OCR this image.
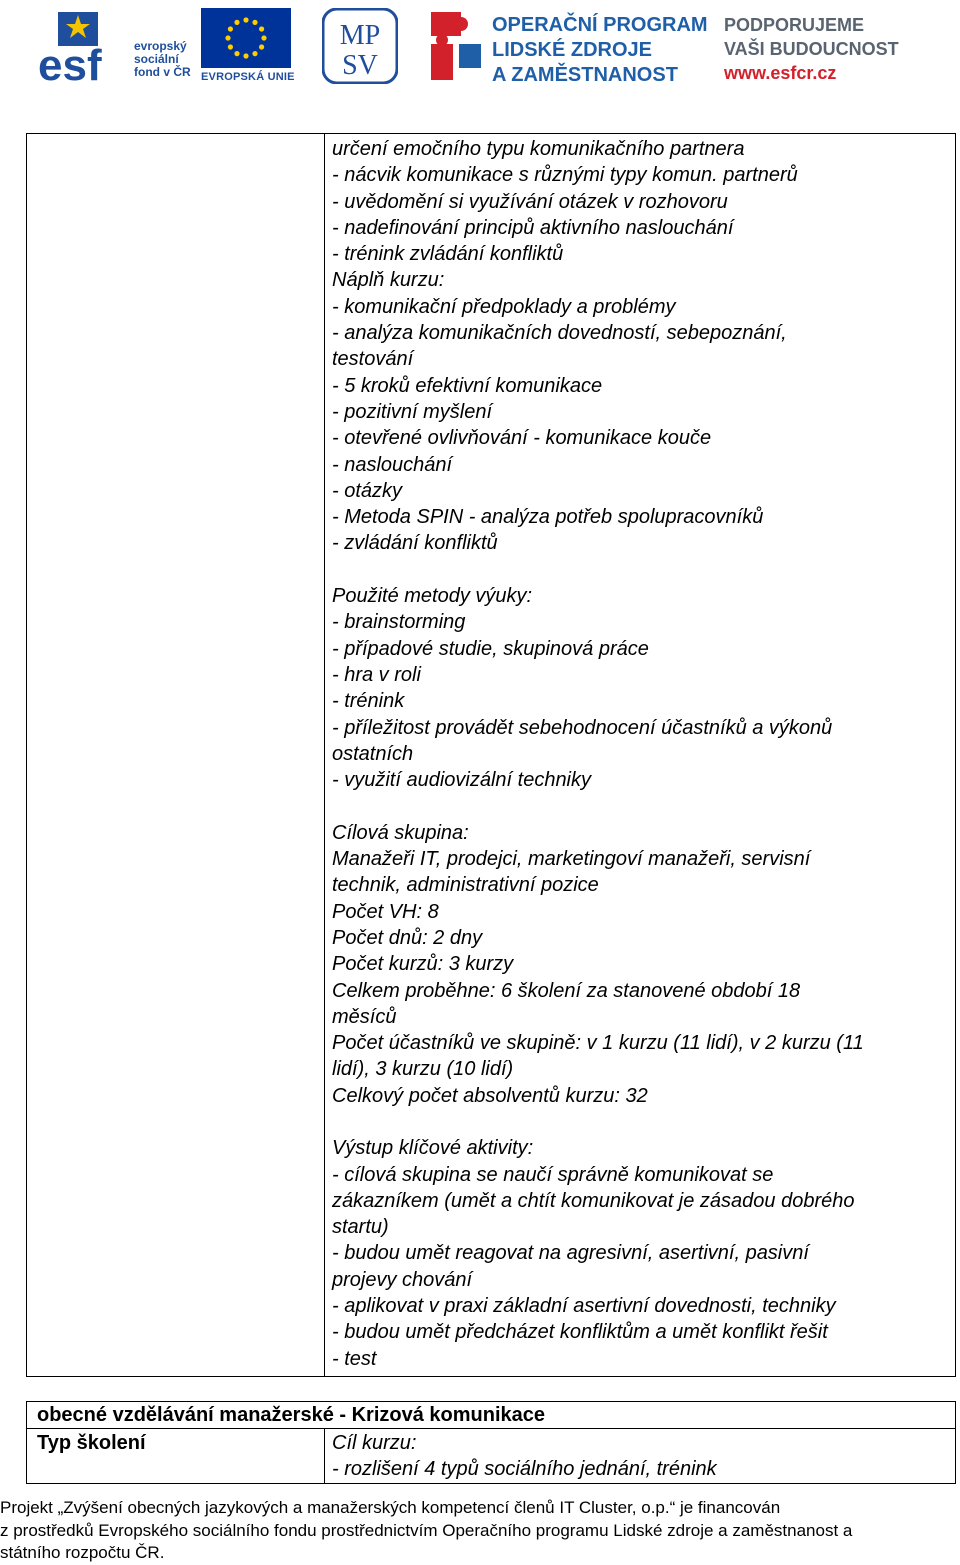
esf	evropský
sociální
fond v ČR EVROPSKÁ UNIE
MP
SV
OPERAČNÍ PROGRAM
LIDSKÉ ZDROJE
A ZAMĚSTNANOST
PODPORUJEME
VAŠI BUDOUCNOST
www.esfcr.cz
určení emočního typu komunikačního partnera
- nácvik komunikace s různými typy komun. partnerů
- uvědomění si využívání otázek v rozhovoru
- nadefinování principů aktivního naslouchání
- trénink zvládání konfliktů
Náplň kurzu:
- komunikační předpoklady a problémy
- analýza komunikačních dovedností, sebepoznání,
testování
- 5 kroků efektivní komunikace
- pozitivní myšlení
- otevřené ovlivňování - komunikace kouče
- naslouchání
- otázky
- Metoda SPIN - analýza potřeb spolupracovníků
- zvládání konfliktů
Použité metody výuky:
- brainstorming
- případové studie, skupinová práce
- hra v roli
- trénink
- příležitost provádět sebehodnocení účastníků a výkonů
ostatních
- využití audiovizální techniky
Cílová skupina:
Manažeři IT, prodejci, marketingoví manažeři, servisní
technik, administrativní pozice
Počet VH: 8
Počet dnů: 2 dny
Počet kurzů: 3 kurzy
Celkem proběhne: 6 školení za stanovené období 18
měsíců
Počet účastníků ve skupině: v 1 kurzu (11 lidí), v 2 kurzu (11
lidí), 3 kurzu (10 lidí)
Celkový počet absolventů kurzu: 32
Výstup klíčové aktivity:
- cílová skupina se naučí správně komunikovat se
zákazníkem (umět a chtít komunikovat je zásadou dobrého
startu)
- budou umět reagovat na agresivní, asertivní, pasivní
projevy chování
- aplikovat v praxi základní asertivní dovednosti, techniky
- budou umět předcházet konfliktům a umět konflikt řešit
- test
obecné vzdělávání manažerské - Krizová komunikace
Typ školení	Cíl kurzu:
- rozlišení 4 typů sociálního jednání, trénink
Projekt „Zvýšení obecných jazykových a manažerských kompetencí členů IT Cluster, o.p.“ je financován
z prostředků Evropského sociálního fondu prostřednictvím Operačního programu Lidské zdroje a zaměstnanost a
státního rozpočtu ČR.
